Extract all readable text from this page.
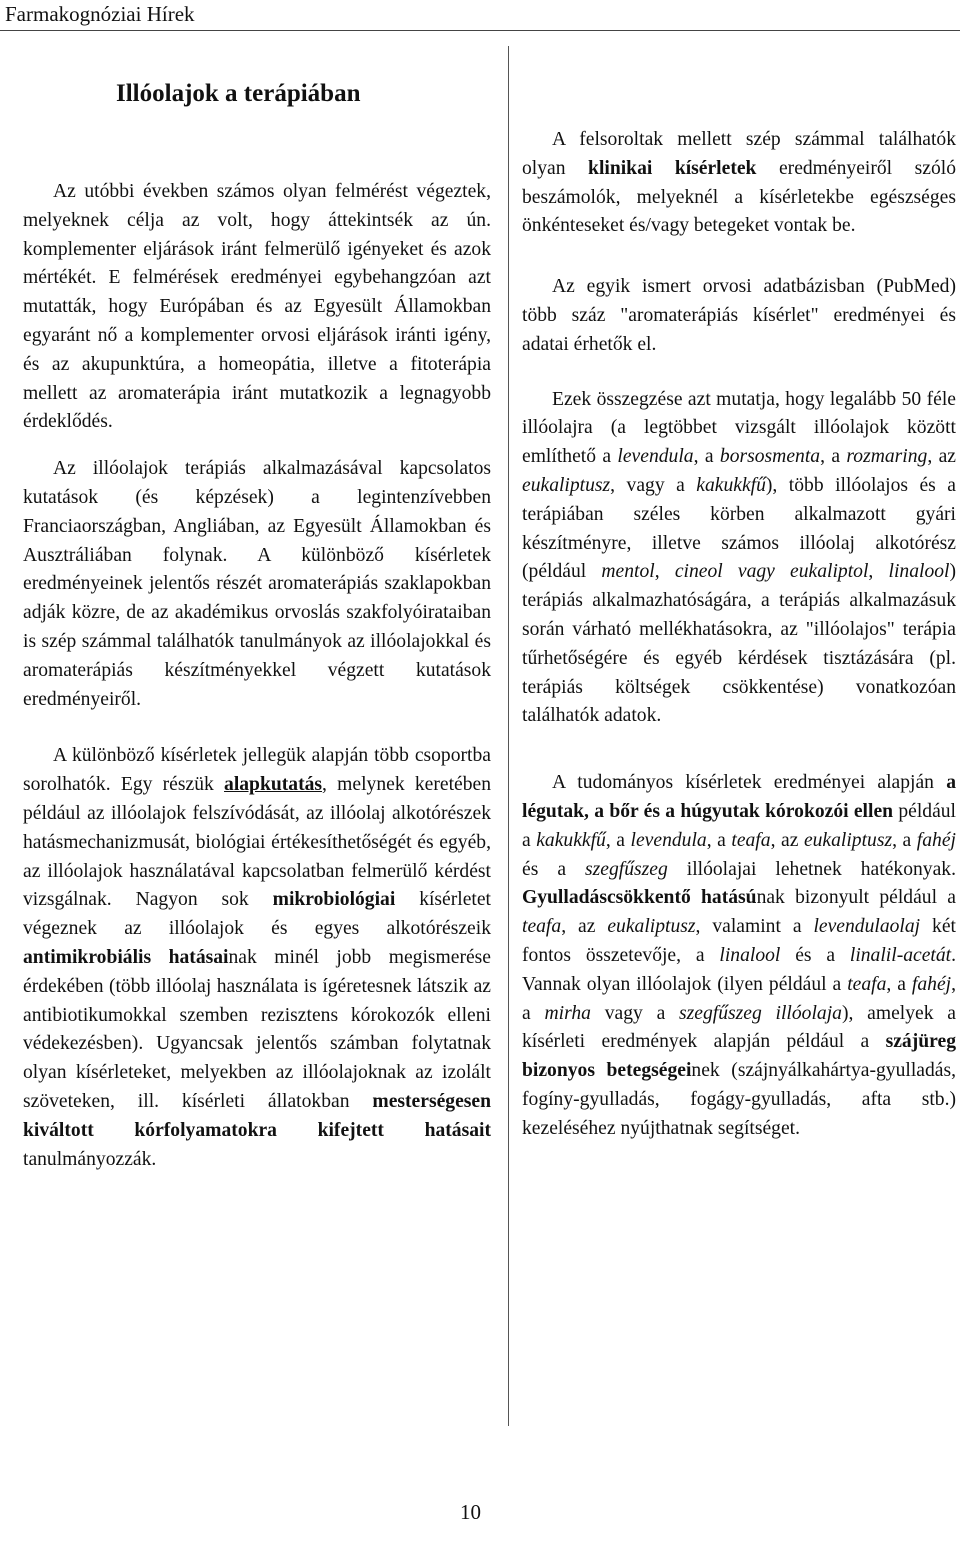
Farmakognóziai Hírek
Illóolajok a terápiában

Az utóbbi években számos olyan felmérést végeztek, melyeknek célja az volt, hogy áttekintsék az ún. komplementer eljárások iránt felmerülő igényeket és azok mértékét. E felmérések eredményei egybehangzóan azt mutatták, hogy Európában és az Egyesült Államokban egyaránt nő a komplementer orvosi eljárások iránti igény, és az akupunktúra, a homeopátia, illetve a fitoterápia mellett az aromaterápia iránt mutatkozik a legnagyobb érdeklődés.

Az illóolajok terápiás alkalmazásával kapcsolatos kutatások (és képzések) a legintenzívebben Franciaországban, Angliában, az Egyesült Államokban és Ausztráliában folynak. A különböző kísérletek eredményeinek jelentős részét aromaterápiás szaklapokban adják közre, de az akadémikus orvoslás szakfolyóirataiban is szép számmal találhatók tanulmányok az illóolajokkal és aromaterápiás készítményekkel végzett kutatások eredményeiről.

A különböző kísérletek jellegük alapján több csoportba sorolhatók. Egy részük alapkutatás, melynek keretében például az illóolajok felszívódását, az illóolaj alkotórészek hatásmechanizmusát, biológiai értékesíthetőségét és egyéb, az illóolajok használatával kapcsolatban felmerülő kérdést vizsgálnak. Nagyon sok mikrobiológiai kísérletet végeznek az illóolajok és egyes alkotórészeik antimikrobiális hatásainak minél jobb megismerése érdekében (több illóolaj használata is ígéretesnek látszik az antibiotikumokkal szemben rezisztens kórokozók elleni védekezésben). Ugyancsak jelentős számban folytatnak olyan kísérleteket, melyekben az illóolajoknak az izolált szöveteken, ill. kísérleti állatokban mesterségesen kiváltott kórfolyamatokra kifejtett hatásait tanulmányozzák.

A felsoroltak mellett szép számmal találhatók olyan klinikai kísérletek eredményeiről szóló beszámolók, melyeknél a kísérletekbe egészséges önkénteseket és/vagy betegeket vontak be.

Az egyik ismert orvosi adatbázisban (PubMed) több száz "aromaterápiás kísérlet" eredményei és adatai érhetők el.

Ezek összegzése azt mutatja, hogy legalább 50 féle illóolajra (a legtöbbet vizsgált illóolajok között említhető a levendula, a borsosmenta, a rozmaring, az eukaliptusz, vagy a kakukkfű), több illóolajos és a terápiában széles körben alkalmazott gyári készítményre, illetve számos illóolaj alkotórész (például mentol, cineol vagy eukaliptol, linalool) terápiás alkalmazhatóságára, a terápiás alkalmazásuk során várható mellékhatásokra, az "illóolajos" terápia tűrhetőségére és egyéb kérdések tisztázására (pl. terápiás költségek csökkentése) vonatkozóan találhatók adatok.

A tudományos kísérletek eredményei alapján a légutak, a bőr és a húgyutak kórokozói ellen például a kakukkfű, a levendula, a teafa, az eukaliptusz, a fahéj és a szegfűszeg illóolajai lehetnek hatékonyak. Gyulladáscsökkentő hatásúnak bizonyult például a teafa, az eukaliptusz, valamint a levendulaolaj két fontos összetevője, a linalool és a linalil-acetát. Vannak olyan illóolajok (ilyen például a teafa, a fahéj, a mirha vagy a szegfűszeg illóolaja), amelyek a kísérleti eredmények alapján például a szájüreg bizonyos betegségeinek (szájnyálkahártya-gyulladás, fogíny-gyulladás, fogágy-gyulladás, afta stb.) kezeléséhez nyújthatnak segítséget.

10
